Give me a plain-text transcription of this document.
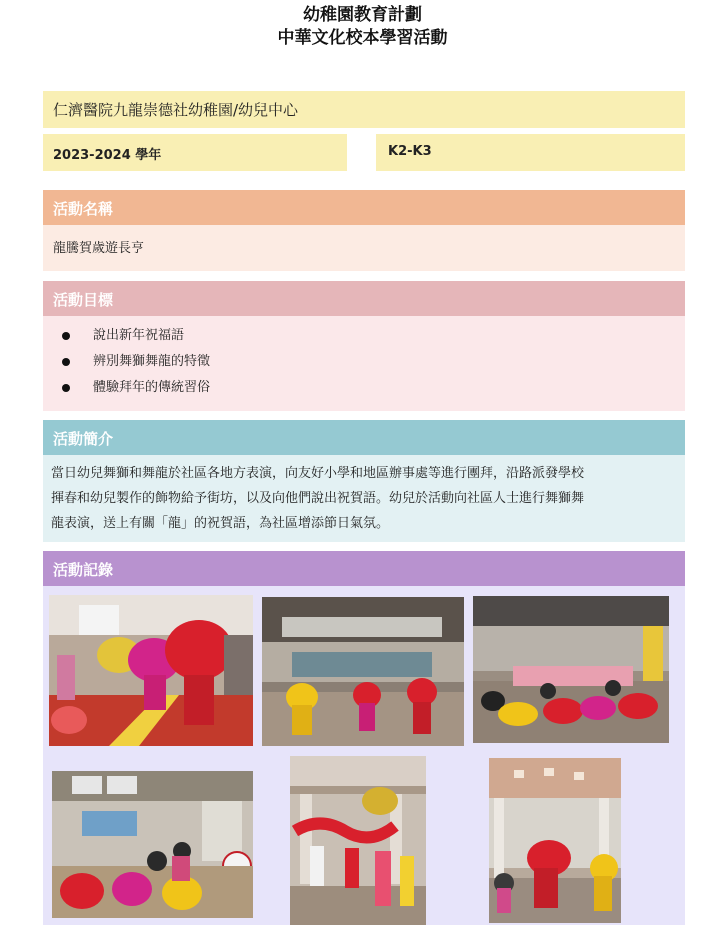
幼稚園教育計劃
中華文化校本學習活動
仁濟醫院九龍崇德社幼稚園/幼兒中心
2023-2024 學年	K2-K3
活動名稱
龍騰賀歲遊長亨
活動目標
說出新年祝福語
辨別舞獅舞龍的特徵
體驗拜年的傳統習俗
活動簡介
當日幼兒舞獅和舞龍於社區各地方表演，向友好小學和地區辦事處等進行團拜，沿路派發學校
揮春和幼兒製作的飾物給予街坊，以及向他們說出祝賀語。幼兒於活動向社區人士進行舞獅舞
龍表演，送上有關「龍」的祝賀語，為社區增添節日氣氛。
活動記錄
